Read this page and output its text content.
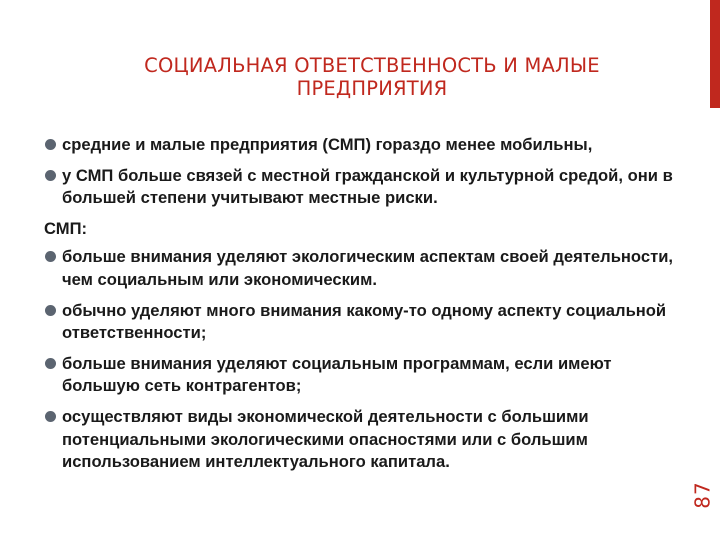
СОЦИАЛЬНАЯ ОТВЕТСТВЕННОСТЬ И МАЛЫЕ ПРЕДПРИЯТИЯ
средние и малые предприятия (СМП) гораздо менее мобильны,
у СМП больше связей с местной гражданской и культурной средой, они в большей степени учитывают местные риски.
СМП:
больше внимания уделяют экологическим аспектам своей деятельности, чем социальным или экономическим.
обычно уделяют много внимания какому-то одному аспекту социальной ответственности;
больше внимания уделяют социальным программам, если имеют большую сеть контрагентов;
осуществляют виды экономической деятельности с большими потенциальными экологическими опасностями или с большим использованием интеллектуального капитала.
87
